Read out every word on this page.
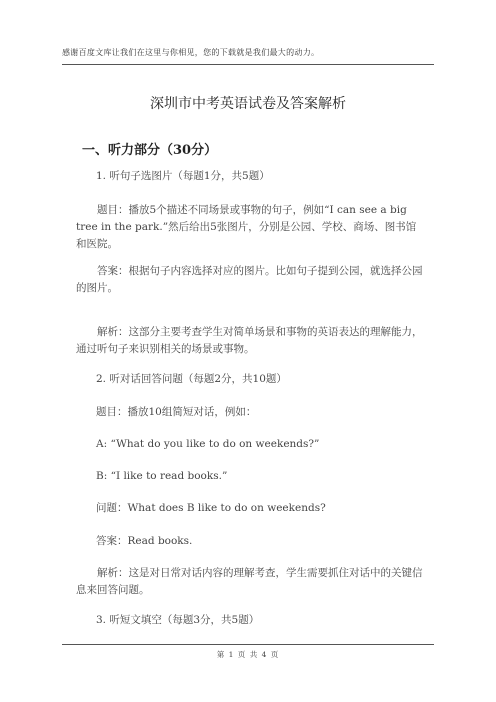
感谢百度文库让我们在这里与你相见，您的下载就是我们最大的动力。
深圳市中考英语试卷及答案解析
一、听力部分（30分）

1. 听句子选图片（每题1分，共5题）

题目：播放5个描述不同场景或事物的句子，例如“I can see a big tree in the park.”然后给出5张图片，分别是公园、学校、商场、图书馆和医院。

答案：根据句子内容选择对应的图片。比如句子提到公园，就选择公园的图片。

解析：这部分主要考查学生对简单场景和事物的英语表达的理解能力，通过听句子来识别相关的场景或事物。

2. 听对话回答问题（每题2分，共10题）

题目：播放10组简短对话，例如：

A: “What do you like to do on weekends?”

B: “I like to read books.”

问题：What does B like to do on weekends?

答案：Read books.

解析：这是对日常对话内容的理解考查，学生需要抓住对话中的关键信息来回答问题。

3. 听短文填空（每题3分，共5题）

第 1 页 共 4 页
